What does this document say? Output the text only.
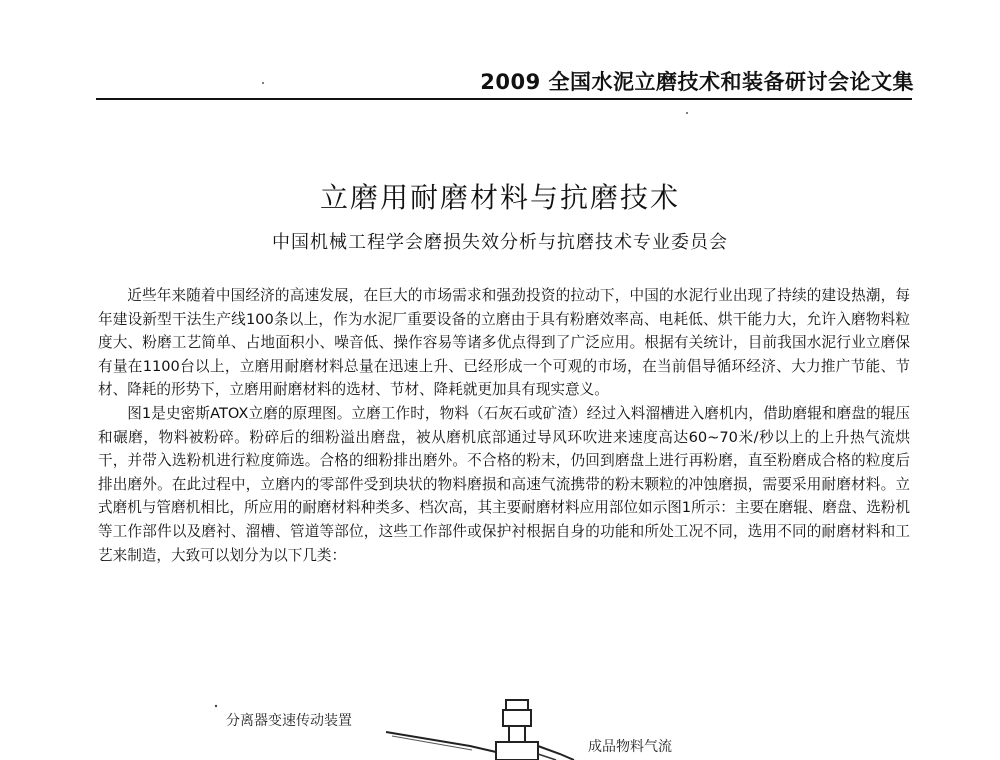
2009 全国水泥立磨技术和装备研讨会论文集
立磨用耐磨材料与抗磨技术
中国机械工程学会磨损失效分析与抗磨技术专业委员会

近些年来随着中国经济的高速发展，在巨大的市场需求和强劲投资的拉动下，中国的水泥行业出现了持续的建设热潮，每年建设新型干法生产线100条以上，作为水泥厂重要设备的立磨由于具有粉磨效率高、电耗低、烘干能力大，允许入磨物料粒度大、粉磨工艺简单、占地面积小、噪音低、操作容易等诸多优点得到了广泛应用。根据有关统计，目前我国水泥行业立磨保有量在1100台以上，立磨用耐磨材料总量在迅速上升、已经形成一个可观的市场，在当前倡导循环经济、大力推广节能、节材、降耗的形势下，立磨用耐磨材料的选材、节材、降耗就更加具有现实意义。

图1是史密斯ATOX立磨的原理图。立磨工作时，物料（石灰石或矿渣）经过入料溜槽进入磨机内，借助磨辊和磨盘的辊压和碾磨，物料被粉碎。粉碎后的细粉溢出磨盘，被从磨机底部通过导风环吹进来速度高达60~70米/秒以上的上升热气流烘干，并带入选粉机进行粒度筛选。合格的细粉排出磨外。不合格的粉末，仍回到磨盘上进行再粉磨，直至粉磨成合格的粒度后排出磨外。在此过程中，立磨内的零部件受到块状的物料磨损和高速气流携带的粉末颗粒的冲蚀磨损，需要采用耐磨材料。立式磨机与管磨机相比，所应用的耐磨材料种类多、档次高，其主要耐磨材料应用部位如示图1所示：主要在磨辊、磨盘、选粉机等工作部件以及磨衬、溜槽、管道等部位，这些工作部件或保护衬根据自身的功能和所处工况不同，选用不同的耐磨材料和工艺来制造，大致可以划分为以下几类：

分离器变速传动装置
成品物料气流
